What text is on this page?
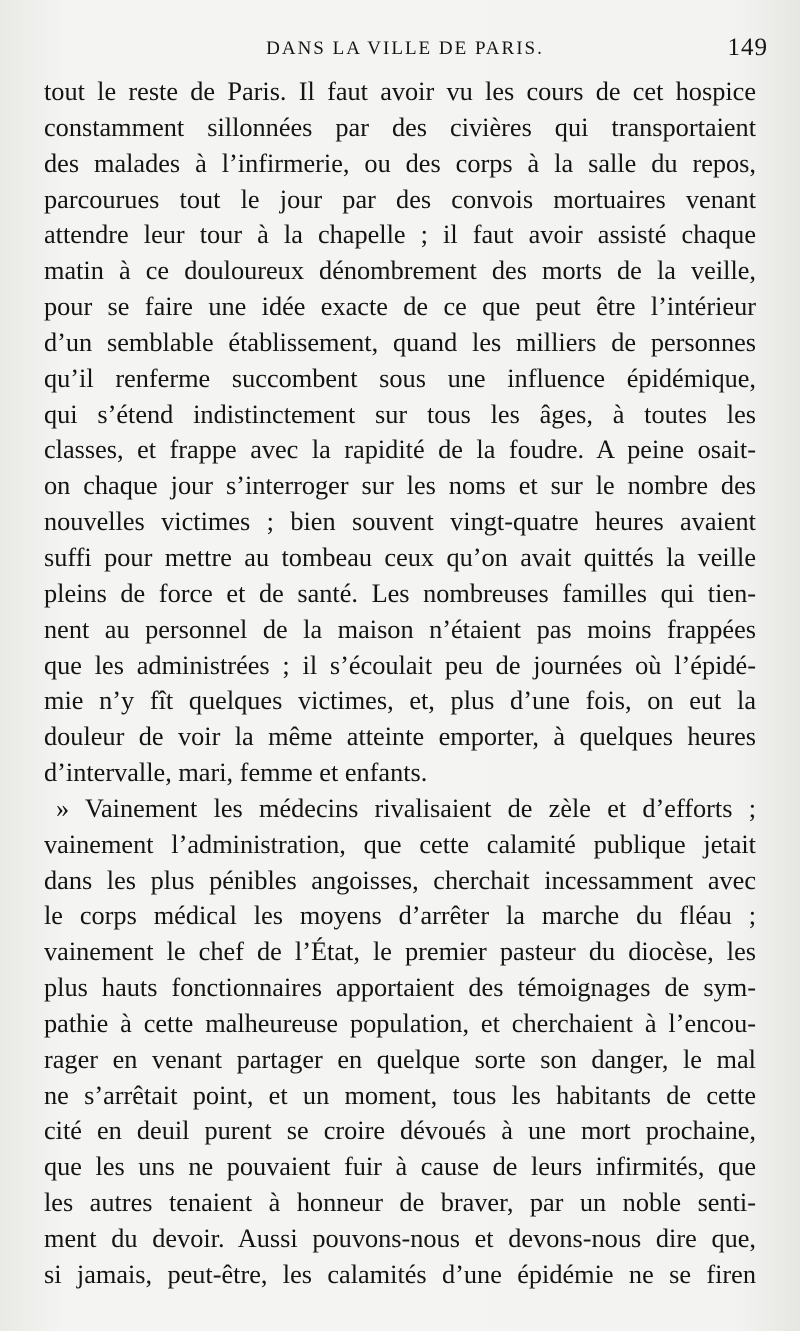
DANS LA VILLE DE PARIS.	149
tout le reste de Paris. Il faut avoir vu les cours de cet hospice
constamment sillonnées par des civières qui transportaient
des malades à l’infirmerie, ou des corps à la salle du repos,
parcourues tout le jour par des convois mortuaires venant
attendre leur tour à la chapelle ; il faut avoir assisté chaque
matin à ce douloureux dénombrement des morts de la veille,
pour se faire une idée exacte de ce que peut être l’intérieur
d’un semblable établissement, quand les milliers de personnes
qu’il renferme succombent sous une influence épidémique,
qui s’étend indistinctement sur tous les âges, à toutes les
classes, et frappe avec la rapidité de la foudre. A peine osait-
on chaque jour s’interroger sur les noms et sur le nombre des
nouvelles victimes ; bien souvent vingt-quatre heures avaient
suffi pour mettre au tombeau ceux qu’on avait quittés la veille
pleins de force et de santé. Les nombreuses familles qui tien-
nent au personnel de la maison n’étaient pas moins frappées
que les administrées ; il s’écoulait peu de journées où l’épidé-
mie n’y fît quelques victimes, et, plus d’une fois, on eut la
douleur de voir la même atteinte emporter, à quelques heures
d’intervalle, mari, femme et enfants.
» Vainement les médecins rivalisaient de zèle et d’efforts ;
vainement l’administration, que cette calamité publique jetait
dans les plus pénibles angoisses, cherchait incessamment avec
le corps médical les moyens d’arrêter la marche du fléau ;
vainement le chef de l’État, le premier pasteur du diocèse, les
plus hauts fonctionnaires apportaient des témoignages de sym-
pathie à cette malheureuse population, et cherchaient à l’encou-
rager en venant partager en quelque sorte son danger, le mal
ne s’arrêtait point, et un moment, tous les habitants de cette
cité en deuil purent se croire dévoués à une mort prochaine,
que les uns ne pouvaient fuir à cause de leurs infirmités, que
les autres tenaient à honneur de braver, par un noble senti-
ment du devoir. Aussi pouvons-nous et devons-nous dire que,
si jamais, peut-être, les calamités d’une épidémie ne se firen
